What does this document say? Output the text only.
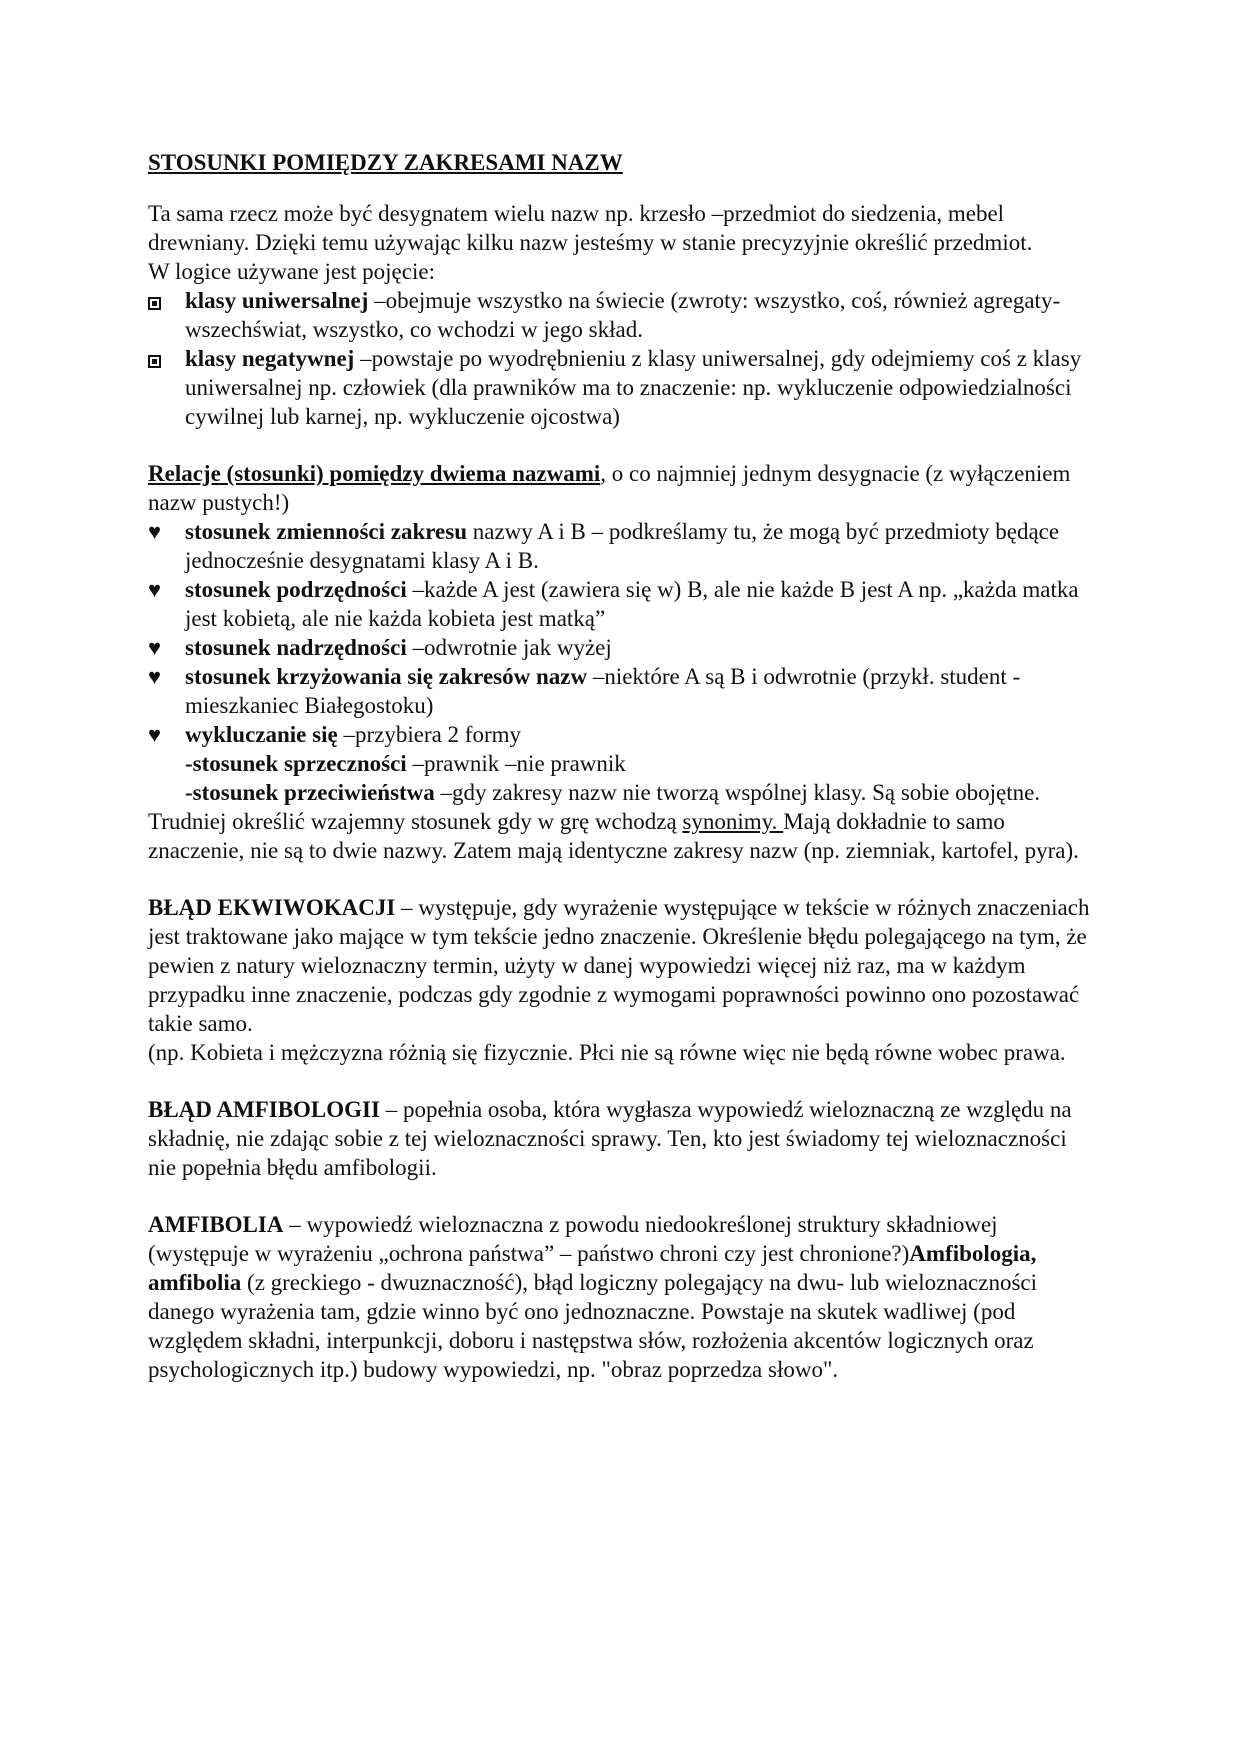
STOSUNKI POMIĘDZY ZAKRESAMI NAZW

Ta sama rzecz może być desygnatem wielu nazw np. krzesło –przedmiot do siedzenia, mebel drewniany. Dzięki temu używając kilku nazw jesteśmy w stanie precyzyjnie określić przedmiot.

W logice używane jest pojęcie:

klasy uniwersalnej –obejmuje wszystko na świecie (zwroty: wszystko, coś, również agregaty-wszechświat, wszystko, co wchodzi w jego skład.
klasy negatywnej –powstaje po wyodrębnieniu z klasy uniwersalnej, gdy odejmiemy coś z klasy uniwersalnej np. człowiek (dla prawników ma to znaczenie: np. wykluczenie odpowiedzialności cywilnej lub karnej, np. wykluczenie ojcostwa)

Relacje (stosunki) pomiędzy dwiema nazwami, o co najmniej jednym desygnacie (z wyłączeniem nazw pustych!)

♥	stosunek zmienności zakresu nazwy A i B – podkreślamy tu, że mogą być przedmioty będące jednocześnie desygnatami klasy A i B.
♥	stosunek podrzędności –każde A jest (zawiera się w) B, ale nie każde B jest A np. „każda matka jest kobietą, ale nie każda kobieta jest matką”
♥	stosunek nadrzędności –odwrotnie jak wyżej
♥	stosunek krzyżowania się zakresów nazw –niektóre A są B i odwrotnie (przykł. student - mieszkaniec Białegostoku)
♥	wykluczanie się –przybiera 2 formy
-stosunek sprzeczności –prawnik –nie prawnik
-stosunek przeciwieństwa –gdy zakresy nazw nie tworzą wspólnej klasy. Są sobie obojętne.

Trudniej określić wzajemny stosunek gdy w grę wchodzą synonimy. Mają dokładnie to samo znaczenie, nie są to dwie nazwy. Zatem mają identyczne zakresy nazw (np. ziemniak, kartofel, pyra).

BŁĄD EKWIWOKACJI – występuje, gdy wyrażenie występujące w tekście w różnych znaczeniach jest traktowane jako mające w tym tekście jedno znaczenie. Określenie błędu polegającego na tym, że pewien z natury wieloznaczny termin, użyty w danej wypowiedzi więcej niż raz, ma w każdym przypadku inne znaczenie, podczas gdy zgodnie z wymogami poprawności powinno ono pozostawać takie samo.

(np. Kobieta i mężczyzna różnią się fizycznie. Płci nie są równe więc nie będą równe wobec prawa.

BŁĄD AMFIBOLOGII – popełnia osoba, która wygłasza wypowiedź wieloznaczną ze względu na składnię, nie zdając sobie z tej wieloznaczności sprawy. Ten, kto jest świadomy tej wieloznaczności nie popełnia błędu amfibologii.

AMFIBOLIA – wypowiedź wieloznaczna z powodu niedookreślonej struktury składniowej (występuje w wyrażeniu „ochrona państwa” – państwo chroni czy jest chronione?)Amfibologia, amfibolia (z greckiego - dwuznaczność), błąd logiczny polegający na dwu- lub wieloznaczności danego wyrażenia tam, gdzie winno być ono jednoznaczne. Powstaje na skutek wadliwej (pod względem składni, interpunkcji, doboru i następstwa słów, rozłożenia akcentów logicznych oraz psychologicznych itp.) budowy wypowiedzi, np. "obraz poprzedza słowo".
